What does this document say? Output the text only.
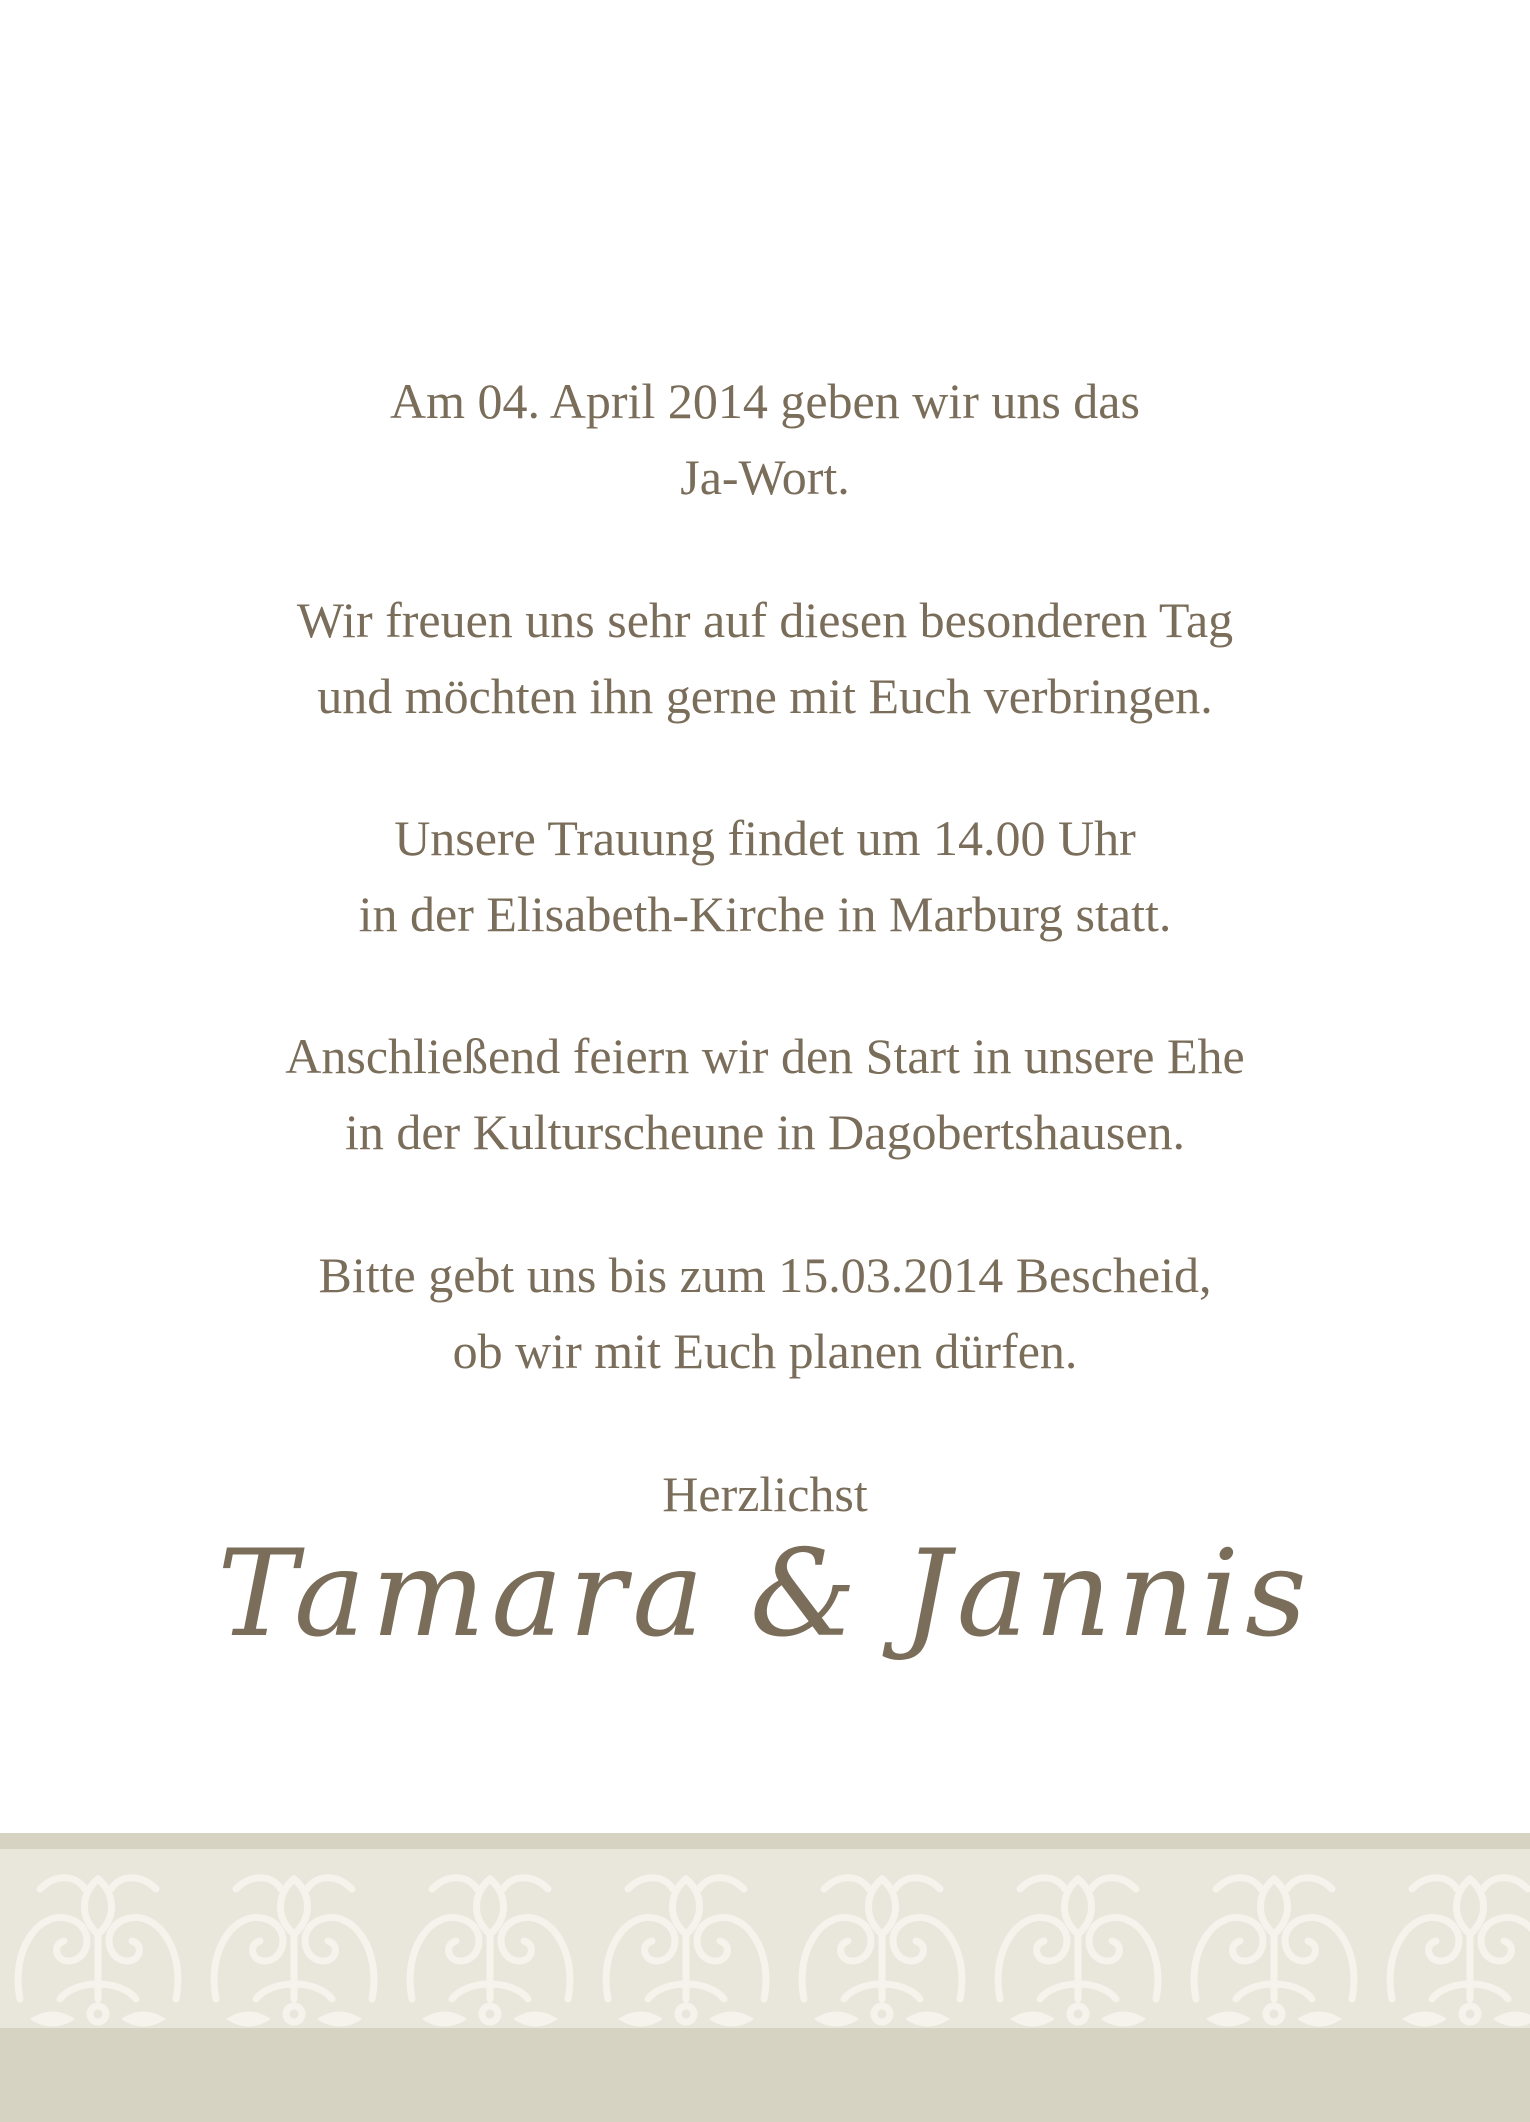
Am 04. April 2014 geben wir uns das
Ja-Wort.
Wir freuen uns sehr auf diesen besonderen Tag
und möchten ihn gerne mit Euch verbringen.
Unsere Trauung findet um 14.00 Uhr
in der Elisabeth-Kirche in Marburg statt.
Anschließend feiern wir den Start in unsere Ehe
in der Kulturscheune in Dagobertshausen.
Bitte gebt uns bis zum 15.03.2014 Bescheid,
ob wir mit Euch planen dürfen.
Herzlichst
Tamara & Jannis
